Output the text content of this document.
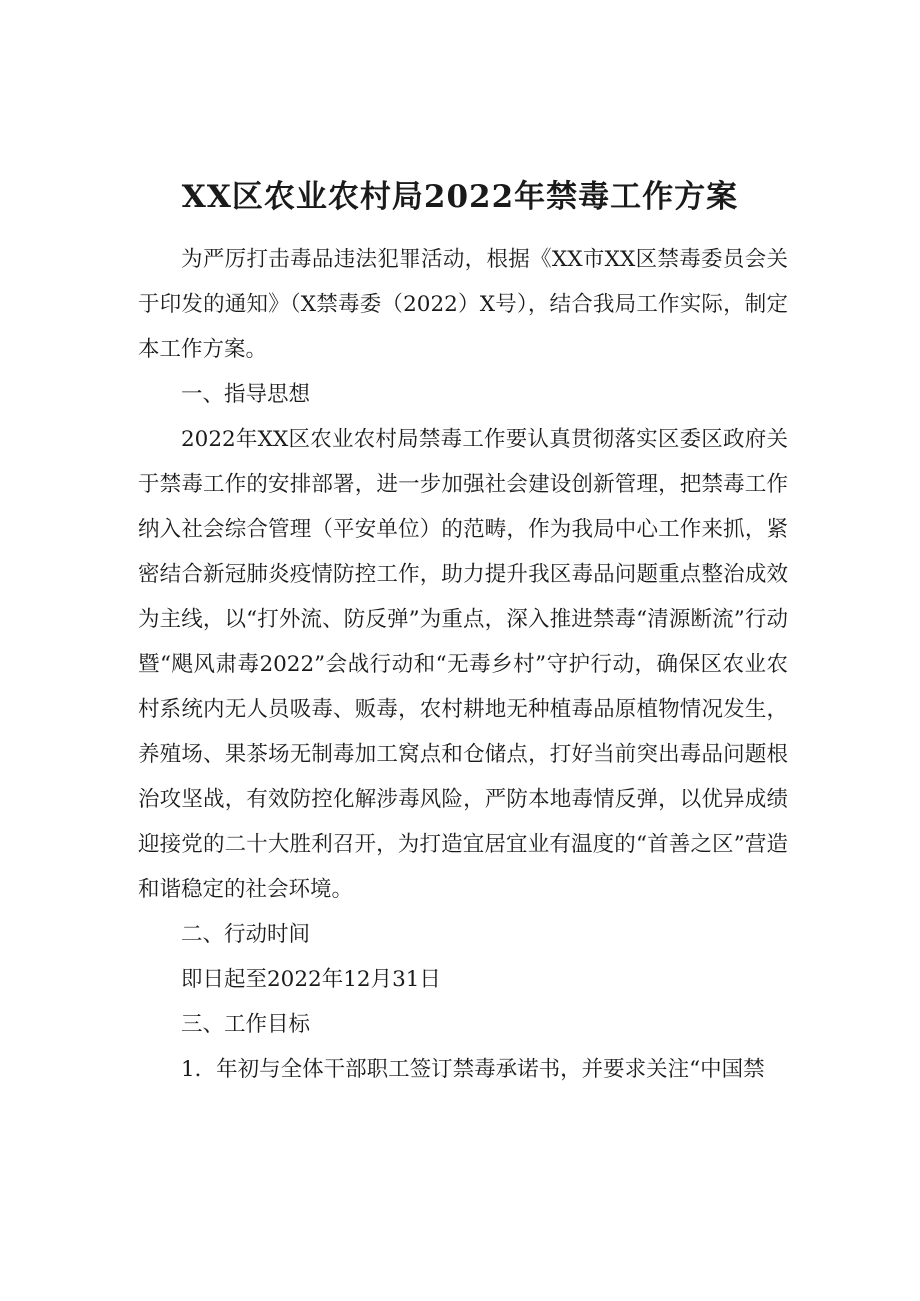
XX区农业农村局2022年禁毒工作方案

为严厉打击毒品违法犯罪活动，根据《XX市XX区禁毒委员会关于印发的通知》（X禁毒委（2022）X号），结合我局工作实际，制定本工作方案。

一、指导思想

2022年XX区农业农村局禁毒工作要认真贯彻落实区委区政府关于禁毒工作的安排部署，进一步加强社会建设创新管理，把禁毒工作纳入社会综合管理（平安单位）的范畴，作为我局中心工作来抓，紧密结合新冠肺炎疫情防控工作，助力提升我区毒品问题重点整治成效为主线，以“打外流、防反弹”为重点，深入推进禁毒“清源断流”行动暨“飓风肃毒2022”会战行动和“无毒乡村”守护行动，确保区农业农村系统内无人员吸毒、贩毒，农村耕地无种植毒品原植物情况发生，养殖场、果茶场无制毒加工窝点和仓储点，打好当前突出毒品问题根治攻坚战，有效防控化解涉毒风险，严防本地毒情反弹，以优异成绩迎接党的二十大胜利召开，为打造宜居宜业有温度的“首善之区”营造和谐稳定的社会环境。

二、行动时间

即日起至2022年12月31日

三、工作目标

1．年初与全体干部职工签订禁毒承诺书，并要求关注“中国禁
